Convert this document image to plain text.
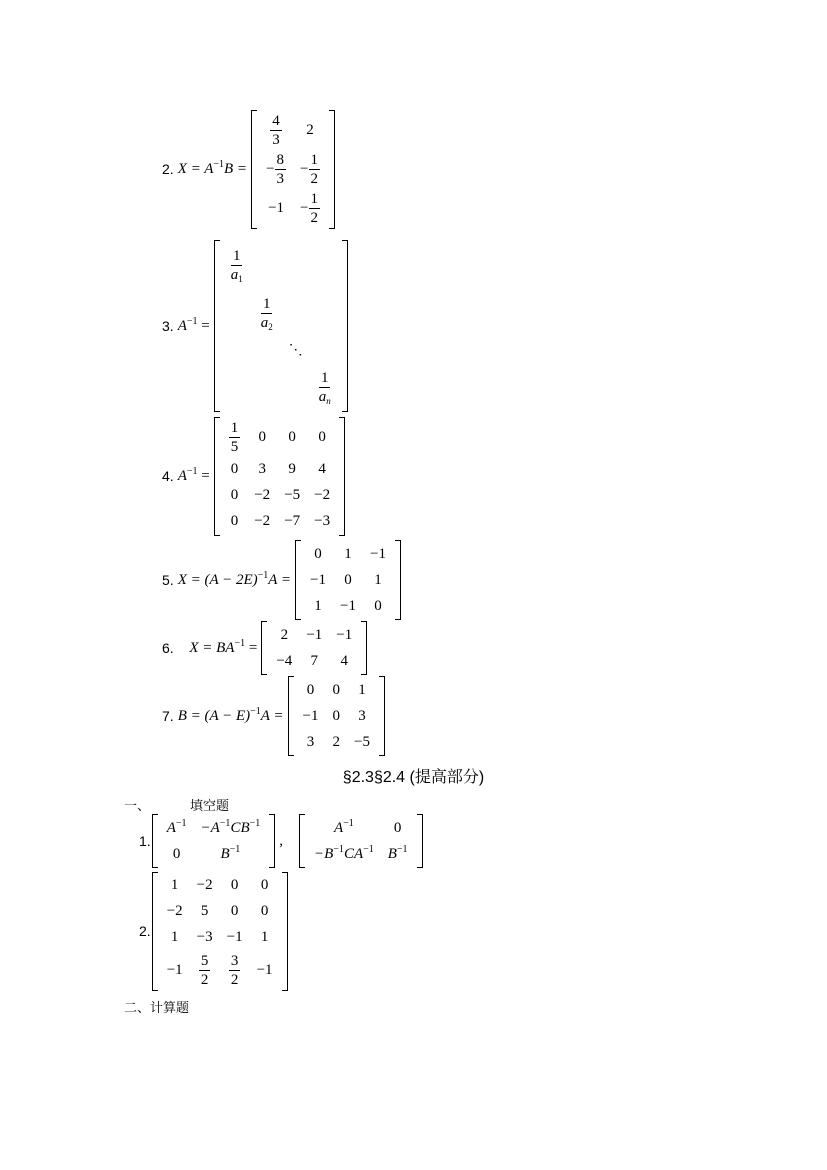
2. $X = A^{-1}B$ =
$\frac{4}{3}$	2
− $\frac{8}{3}$	− $\frac{1}{2}$

−1	− $\frac{1}{2}$
3. $A^{-1}$ =
$\frac{1}{a_1}$

	$\frac{1}{a_2}$

		⋱	

			$\frac{1}{a_n}$
4. $A^{-1}$ =
$\frac{1}{5}$	0	0	0
0	3	9	4
0	−2	−5	−2
0	−2	−7	−3
5. $X = (A - 2E)^{-1}A$ =
0	1	−1
−1	0	1
1	−1	0
6. $X = BA^{-1}$ =
2	−1	−1
−4	7	4
7. $B = (A - E)^{-1}A$ =
0	0	1
−1	0	3
3	2	−5
§2.3§2.4 (提高部分)
一、	填空题
1.
$A^{-1}$	$-A^{-1}CB^{-1}$
0	$B^{-1}$
,
$A^{-1}$	0
$-B^{-1}CA^{-1}$	$B^{-1}$
2.
1	−2	0	0
−2	5	0	0
1	−3	−1	1
−1	$\frac{5}{2}$	$\frac{3}{2}$	−1
二、计算题
